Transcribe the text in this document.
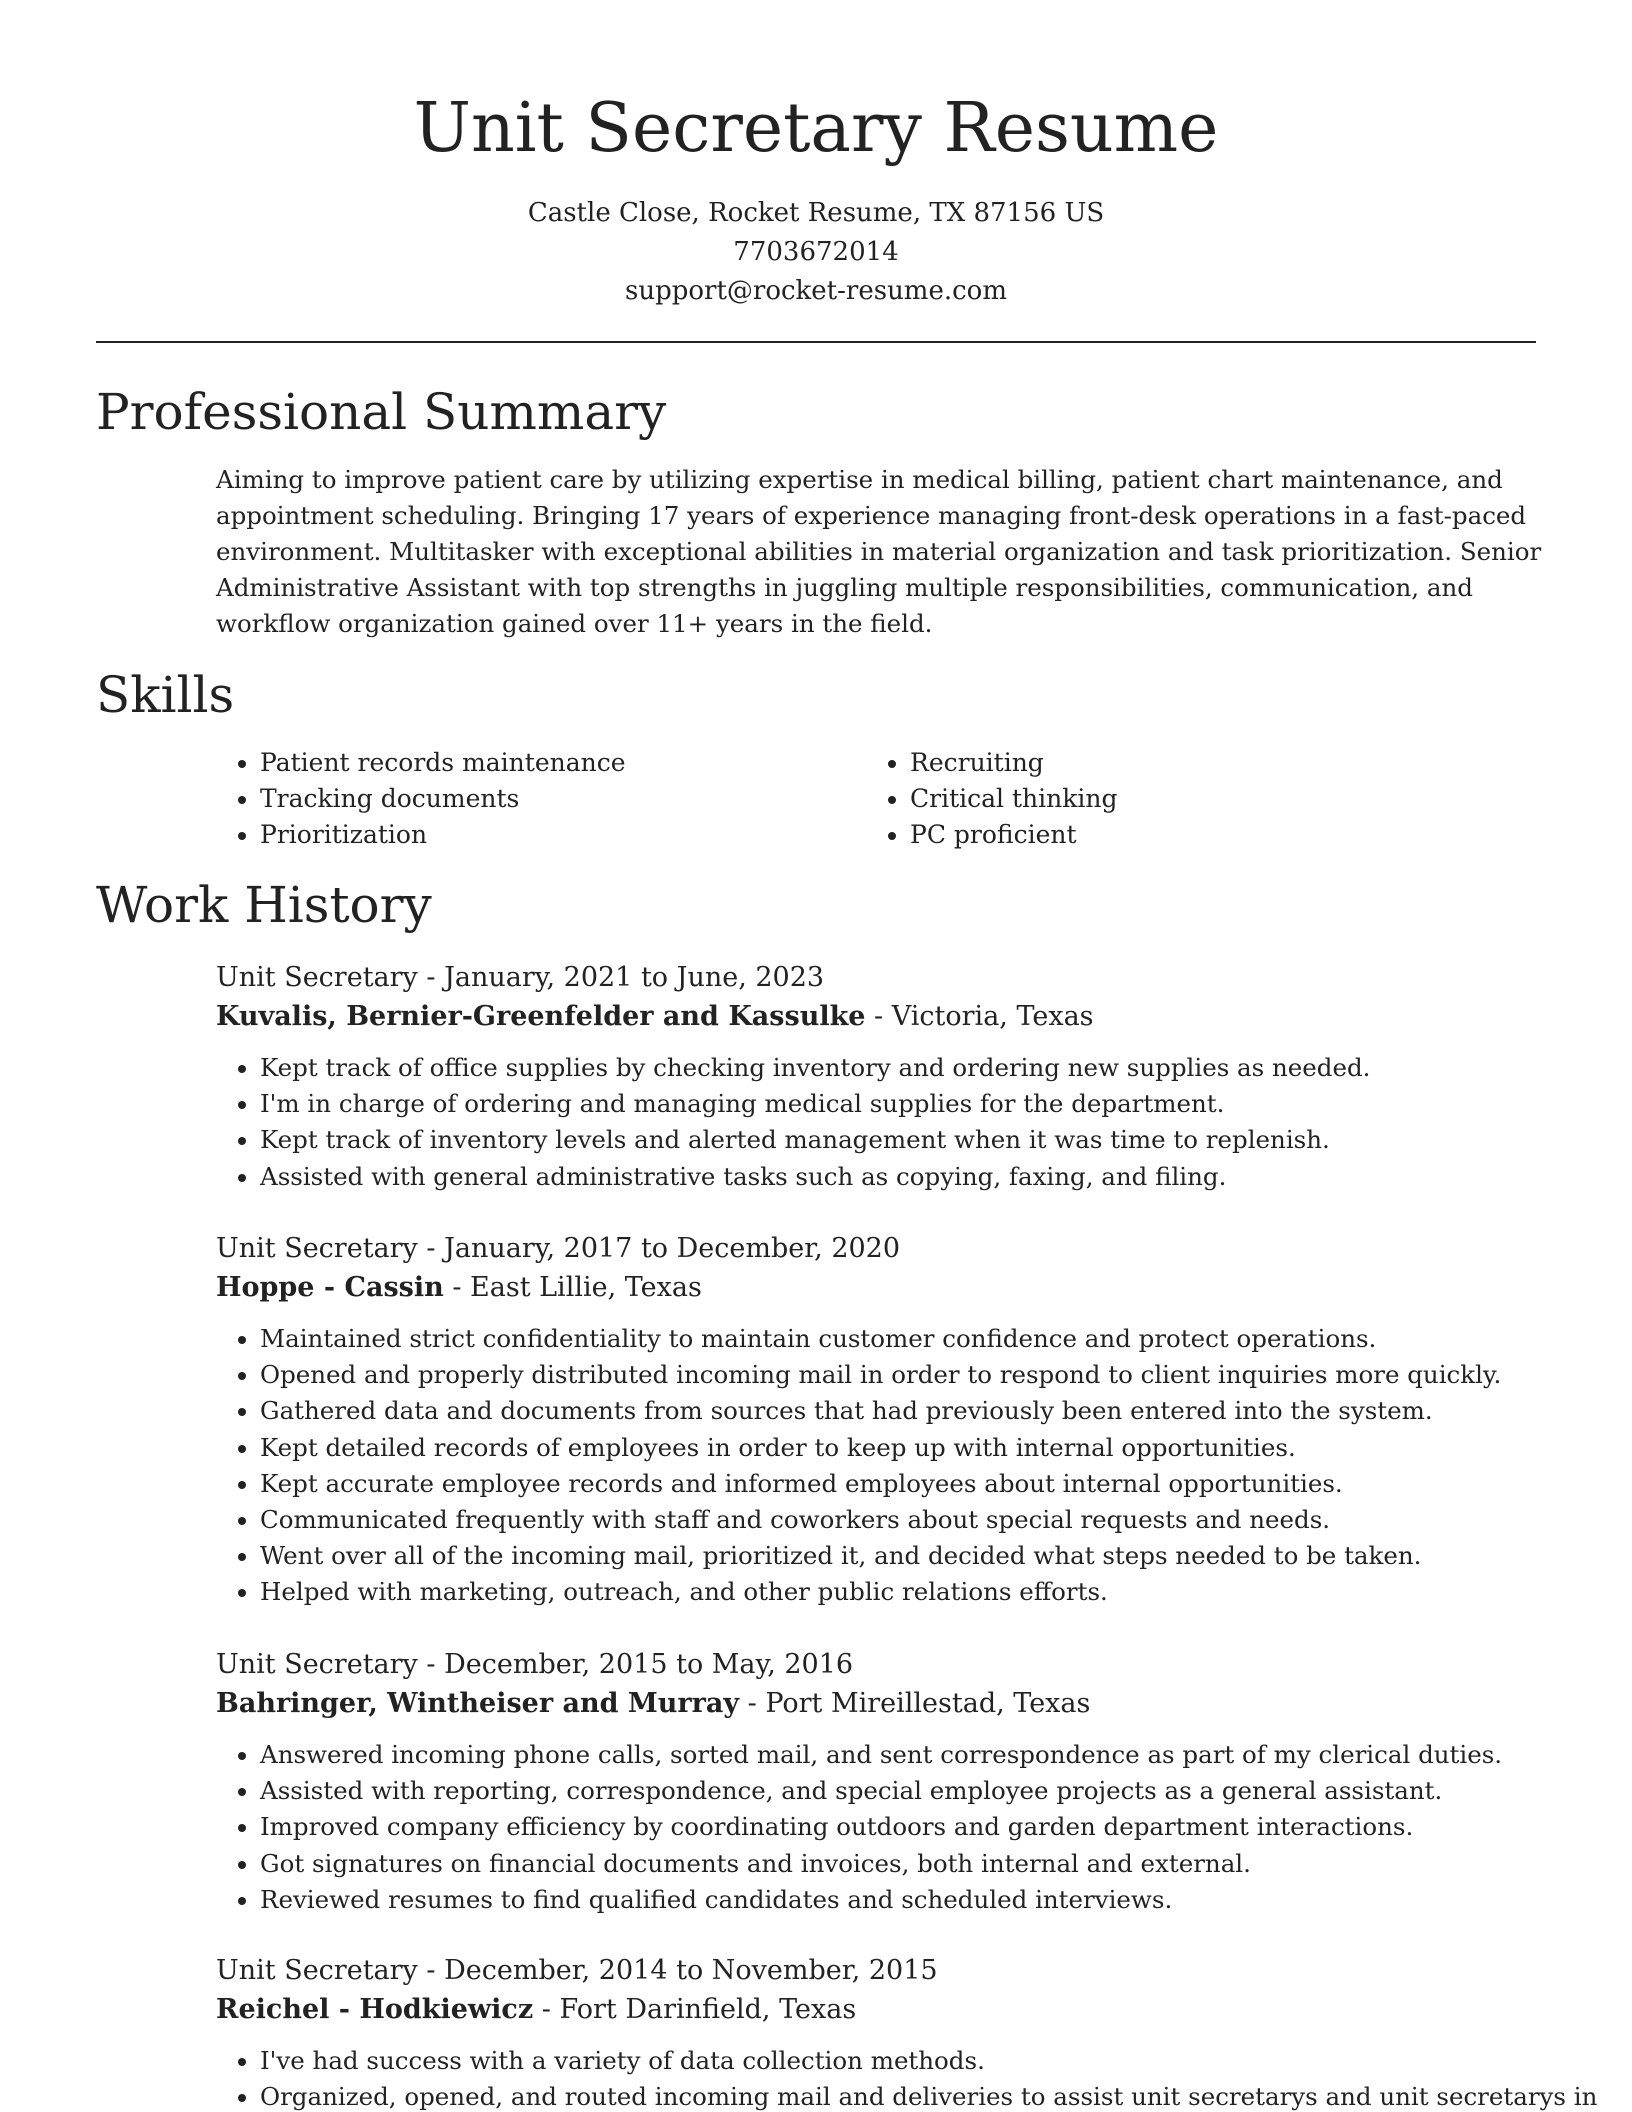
Unit Secretary Resume
Castle Close, Rocket Resume, TX 87156 US
7703672014
support@rocket-resume.com
Professional Summary

Aiming to improve patient care by utilizing expertise in medical billing, patient chart maintenance, and appointment scheduling. Bringing 17 years of experience managing front-desk operations in a fast-paced environment. Multitasker with exceptional abilities in material organization and task prioritization. Senior Administrative Assistant with top strengths in juggling multiple responsibilities, communication, and workflow organization gained over 11+ years in the field.

Skills
• Patient records maintenance
• Tracking documents
• Prioritization
• Recruiting
• Critical thinking
• PC proficient
Work History
Unit Secretary - January, 2021 to June, 2023
Kuvalis, Bernier-Greenfelder and Kassulke - Victoria, Texas
• Kept track of office supplies by checking inventory and ordering new supplies as needed.
• I'm in charge of ordering and managing medical supplies for the department.
• Kept track of inventory levels and alerted management when it was time to replenish.
• Assisted with general administrative tasks such as copying, faxing, and filing.
Unit Secretary - January, 2017 to December, 2020
Hoppe - Cassin - East Lillie, Texas
• Maintained strict confidentiality to maintain customer confidence and protect operations.
• Opened and properly distributed incoming mail in order to respond to client inquiries more quickly.
• Gathered data and documents from sources that had previously been entered into the system.
• Kept detailed records of employees in order to keep up with internal opportunities.
• Kept accurate employee records and informed employees about internal opportunities.
• Communicated frequently with staff and coworkers about special requests and needs.
• Went over all of the incoming mail, prioritized it, and decided what steps needed to be taken.
• Helped with marketing, outreach, and other public relations efforts.
Unit Secretary - December, 2015 to May, 2016
Bahringer, Wintheiser and Murray - Port Mireillestad, Texas
• Answered incoming phone calls, sorted mail, and sent correspondence as part of my clerical duties.
• Assisted with reporting, correspondence, and special employee projects as a general assistant.
• Improved company efficiency by coordinating outdoors and garden department interactions.
• Got signatures on financial documents and invoices, both internal and external.
• Reviewed resumes to find qualified candidates and scheduled interviews.
Unit Secretary - December, 2014 to November, 2015
Reichel - Hodkiewicz - Fort Darinfield, Texas
• I've had success with a variety of data collection methods.
• Organized, opened, and routed incoming mail and deliveries to assist unit secretarys and unit secretarys in
